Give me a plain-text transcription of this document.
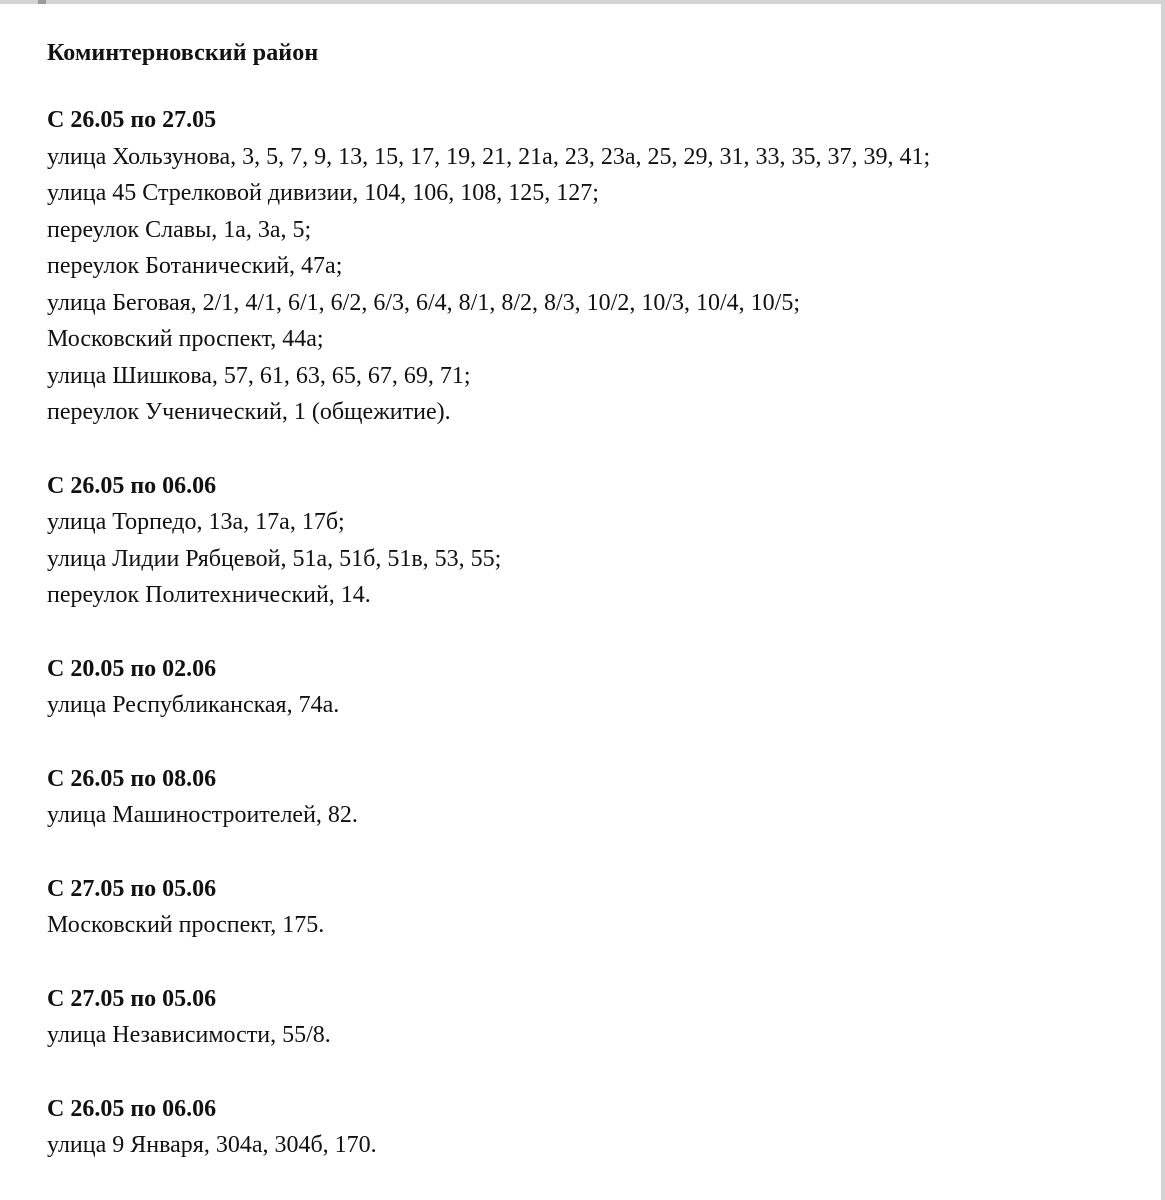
Коминтерновский район
С 26.05 по 27.05
улица Хользунова, 3, 5, 7, 9, 13, 15, 17, 19, 21, 21а, 23, 23а, 25, 29, 31, 33, 35, 37, 39, 41;
улица 45 Стрелковой дивизии, 104, 106, 108, 125, 127;
переулок Славы, 1а, 3а, 5;
переулок Ботанический, 47а;
улица Беговая, 2/1, 4/1, 6/1, 6/2, 6/3, 6/4, 8/1, 8/2, 8/3, 10/2, 10/3, 10/4, 10/5;
Московский проспект, 44а;
улица Шишкова, 57, 61, 63, 65, 67, 69, 71;
переулок Ученический, 1 (общежитие).
С 26.05 по 06.06
улица Торпедо, 13а, 17а, 17б;
улица Лидии Рябцевой, 51а, 51б, 51в, 53, 55;
переулок Политехнический, 14.
С 20.05 по 02.06
улица Республиканская, 74а.
С 26.05 по 08.06
улица Машиностроителей, 82.
С 27.05 по 05.06
Московский проспект, 175.
С 27.05 по 05.06
улица Независимости, 55/8.
С 26.05 по 06.06
улица 9 Января, 304а, 304б, 170.
